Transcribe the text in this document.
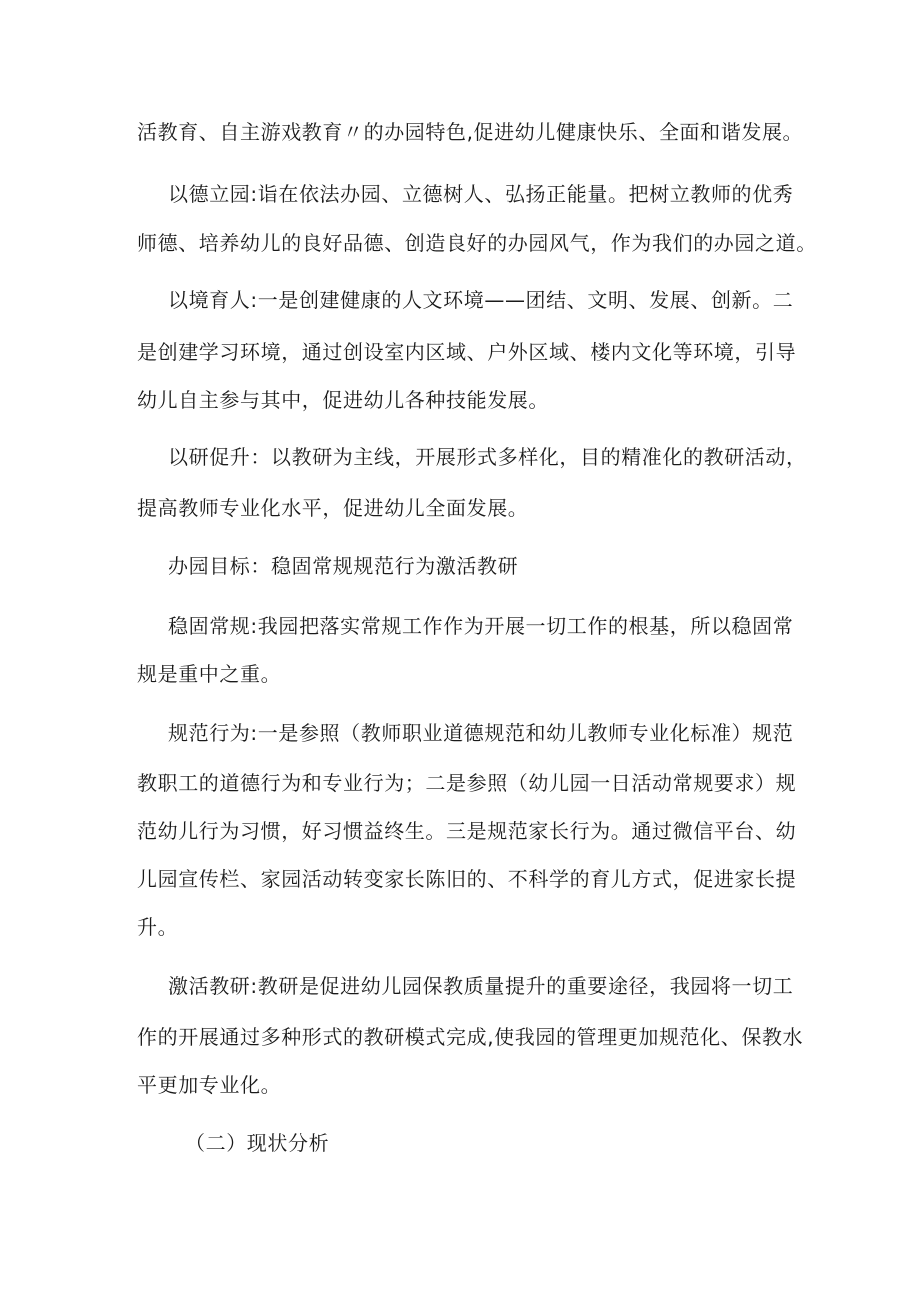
活教育、自主游戏教育〃的办园特色,促进幼儿健康快乐、全面和谐发展。
以德立园:诣在依法办园、立德树人、弘扬正能量。把树立教师的优秀
师德、培养幼儿的良好品德、创造良好的办园风气，作为我们的办园之道。
以境育人:一是创建健康的人文环境——团结、文明、发展、创新。二
是创建学习环境，通过创设室内区域、户外区域、楼内文化等环境，引导
幼儿自主参与其中，促进幼儿各种技能发展。
以研促升：以教研为主线，开展形式多样化，目的精准化的教研活动，
提高教师专业化水平，促进幼儿全面发展。
办园目标：稳固常规规范行为激活教研
稳固常规:我园把落实常规工作作为开展一切工作的根基，所以稳固常
规是重中之重。
规范行为:一是参照（教师职业道德规范和幼儿教师专业化标准）规范
教职工的道德行为和专业行为；二是参照（幼儿园一日活动常规要求）规
范幼儿行为习惯，好习惯益终生。三是规范家长行为。通过微信平台、幼
儿园宣传栏、家园活动转变家长陈旧的、不科学的育儿方式，促进家长提
升。
激活教研:教研是促进幼儿园保教质量提升的重要途径，我园将一切工
作的开展通过多种形式的教研模式完成,使我园的管理更加规范化、保教水
平更加专业化。
（二）现状分析
